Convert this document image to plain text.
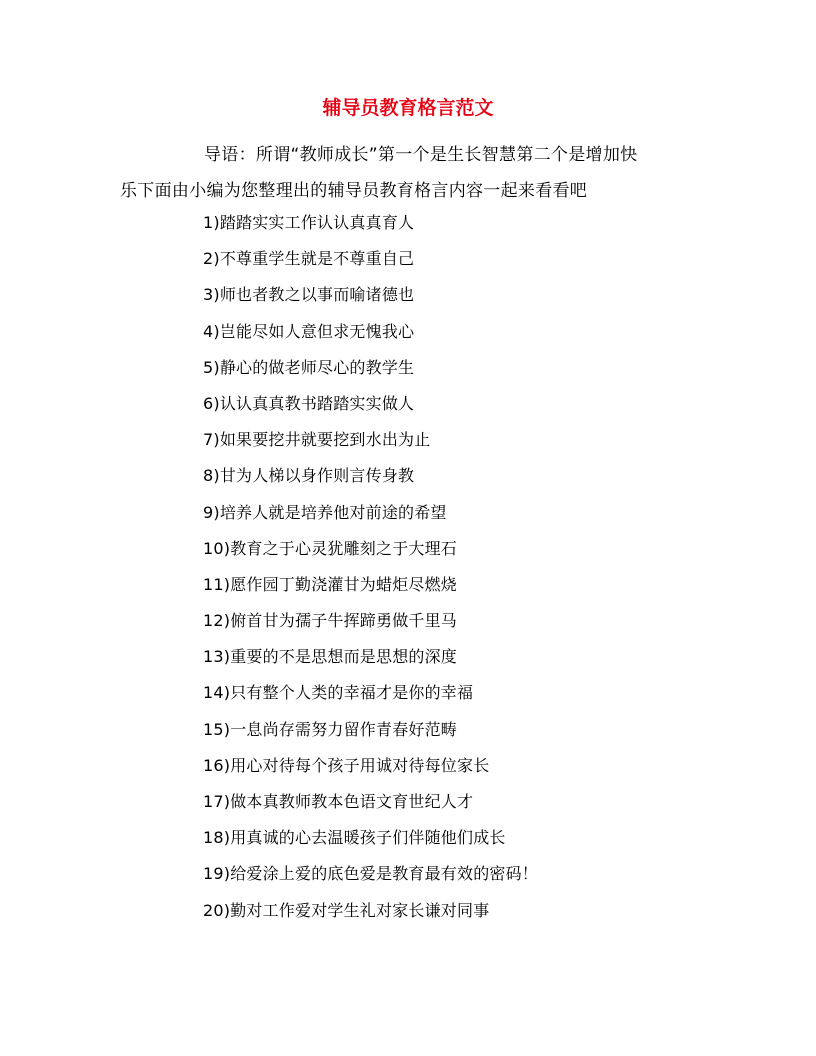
辅导员教育格言范文
导语：所谓“教师成长”第一个是生长智慧第二个是增加快
乐下面由小编为您整理出的辅导员教育格言内容一起来看看吧
1)踏踏实实工作认认真真育人
2)不尊重学生就是不尊重自己
3)师也者教之以事而喻诸德也
4)岂能尽如人意但求无愧我心
5)静心的做老师尽心的教学生
6)认认真真教书踏踏实实做人
7)如果要挖井就要挖到水出为止
8)甘为人梯以身作则言传身教
9)培养人就是培养他对前途的希望
10)教育之于心灵犹雕刻之于大理石
11)愿作园丁勤浇灌甘为蜡炬尽燃烧
12)俯首甘为孺子牛挥蹄勇做千里马
13)重要的不是思想而是思想的深度
14)只有整个人类的幸福才是你的幸福
15)一息尚存需努力留作青春好范畴
16)用心对待每个孩子用诚对待每位家长
17)做本真教师教本色语文育世纪人才
18)用真诚的心去温暖孩子们伴随他们成长
19)给爱涂上爱的底色爱是教育最有效的密码！
20)勤对工作爱对学生礼对家长谦对同事
